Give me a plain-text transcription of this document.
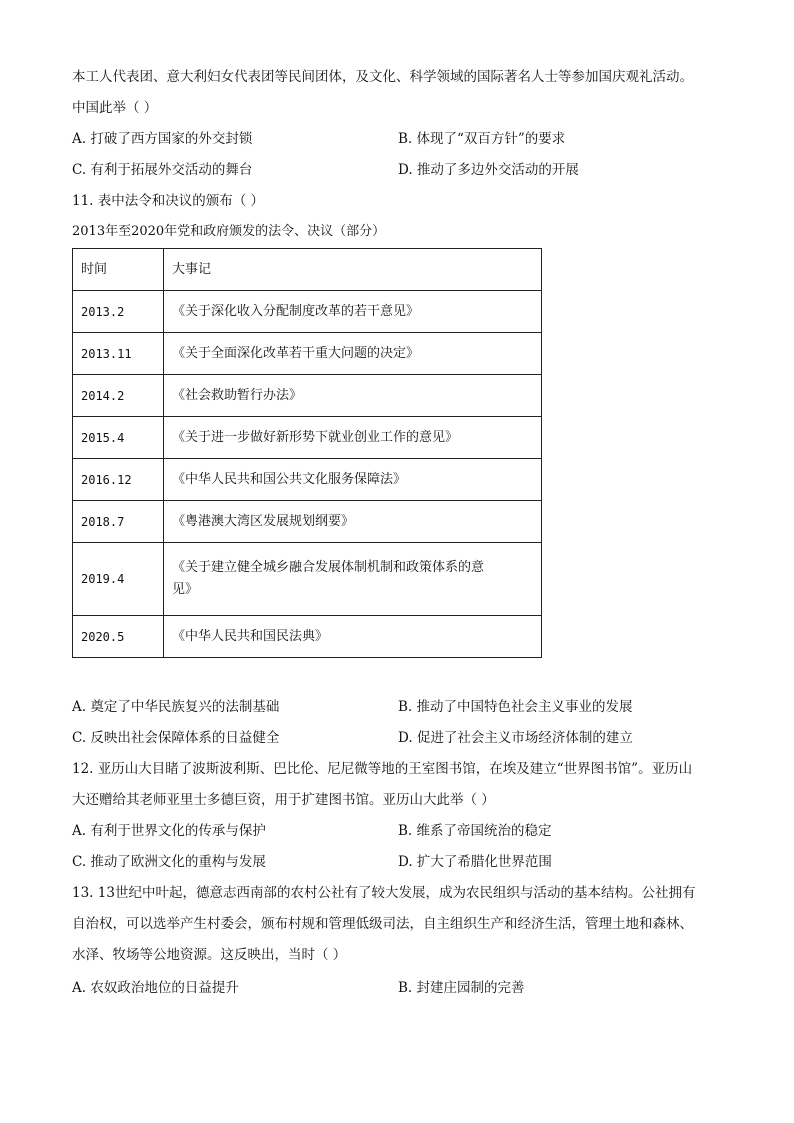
本工人代表团、意大利妇女代表团等民间团体，及文化、科学领域的国际著名人士等参加国庆观礼活动。
中国此举（ ）
A. 打破了西方国家的外交封锁	B. 体现了“双百方针”的要求
C. 有利于拓展外交活动的舞台	D. 推动了多边外交活动的开展
11. 表中法令和决议的颁布（ ）
2013年至2020年党和政府颁发的法令、决议（部分）
时间	大事记
2013.2	《关于深化收入分配制度改革的若干意见》
2013.11	《关于全面深化改革若干重大问题的决定》
2014.2	《社会救助暂行办法》
2015.4	《关于进一步做好新形势下就业创业工作的意见》
2016.12	《中华人民共和国公共文化服务保障法》
2018.7	《粤港澳大湾区发展规划纲要》
2019.4	《关于建立健全城乡融合发展体制机制和政策体系的意
见》

2020.5	《中华人民共和国民法典》
A. 奠定了中华民族复兴的法制基础	B. 推动了中国特色社会主义事业的发展
C. 反映出社会保障体系的日益健全	D. 促进了社会主义市场经济体制的建立
12. 亚历山大目睹了波斯波利斯、巴比伦、尼尼微等地的王室图书馆，在埃及建立“世界图书馆”。亚历山
大还赠给其老师亚里士多德巨资，用于扩建图书馆。亚历山大此举（ ）
A. 有利于世界文化的传承与保护	B. 维系了帝国统治的稳定
C. 推动了欧洲文化的重构与发展	D. 扩大了希腊化世界范围
13. 13世纪中叶起，德意志西南部的农村公社有了较大发展，成为农民组织与活动的基本结构。公社拥有
自治权，可以选举产生村委会，颁布村规和管理低级司法，自主组织生产和经济生活，管理土地和森林、
水泽、牧场等公地资源。这反映出，当时（ ）
A. 农奴政治地位的日益提升	B. 封建庄园制的完善
